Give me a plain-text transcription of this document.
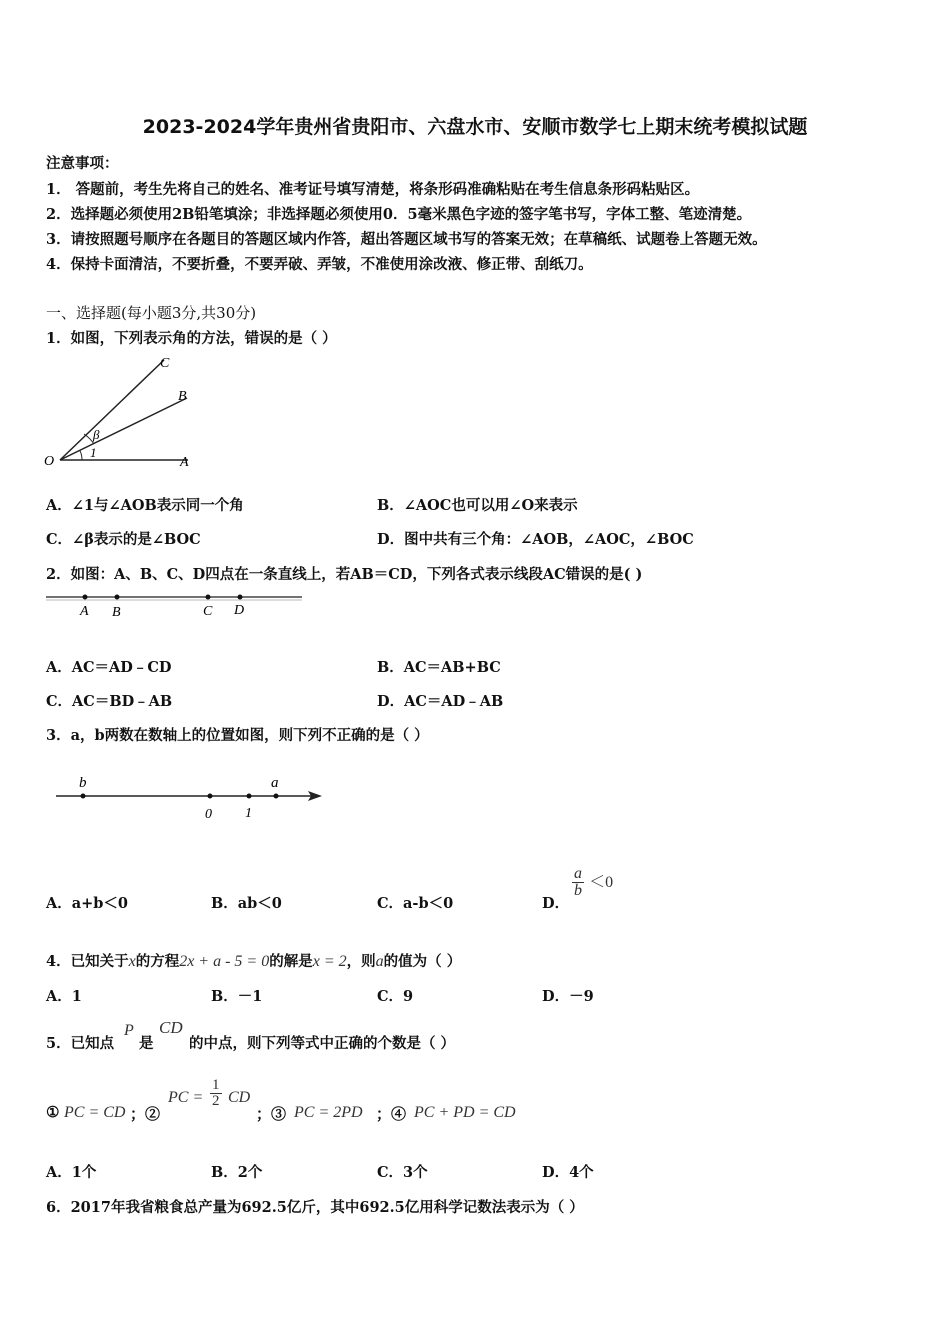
2023-2024学年贵州省贵阳市、六盘水市、安顺市数学七上期末统考模拟试题
注意事项：
1． 答题前，考生先将自己的姓名、准考证号填写清楚，将条形码准确粘贴在考生信息条形码粘贴区。
2．选择题必须使用2B铅笔填涂；非选择题必须使用0．5毫米黑色字迹的签字笔书写，字体工整、笔迹清楚。
3．请按照题号顺序在各题目的答题区域内作答，超出答题区域书写的答案无效；在草稿纸、试题卷上答题无效。
4．保持卡面清洁，不要折叠，不要弄破、弄皱，不准使用涂改液、修正带、刮纸刀。
一、选择题(每小题3分,共30分)
1．如图，下列表示角的方法，错误的是（ ）
C
B
β
1
O	A
A．∠1与∠AOB表示同一个角	B．∠AOC也可以用∠O来表示
C．∠β表示的是∠BOC	D．图中共有三个角：∠AOB，∠AOC，∠BOC
2．如图：A、B、C、D四点在一条直线上，若AB＝CD，下列各式表示线段AC错误的是( )
A B	C D
A．AC＝AD﹣CD	B．AC＝AB+BC
C．AC＝BD﹣AB	D．AC＝AD﹣AB
3．a，b两数在数轴上的位置如图，则下列不正确的是（ ）
b
0 1
a
A．a+b＜0	B．ab＜0	C．a-b＜0	D．
$\frac{a}{b} <0$
4．已知关于x的方程2x + a - 5 = 0的解是x = 2，则a的值为（ ）
A．1	B．－1	C．9	D．－9
5．已知点
P
是
CD
的中点，则下列等式中正确的个数是（ ）
① PC = CD ；②
PC = $\frac{1}{2}$ CD
；③ PC = 2PD ；④ PC + PD = CD
A．1个	B．2个	C．3个	D．4个
6．2017年我省粮食总产量为692.5亿斤，其中692.5亿用科学记数法表示为（ ）
